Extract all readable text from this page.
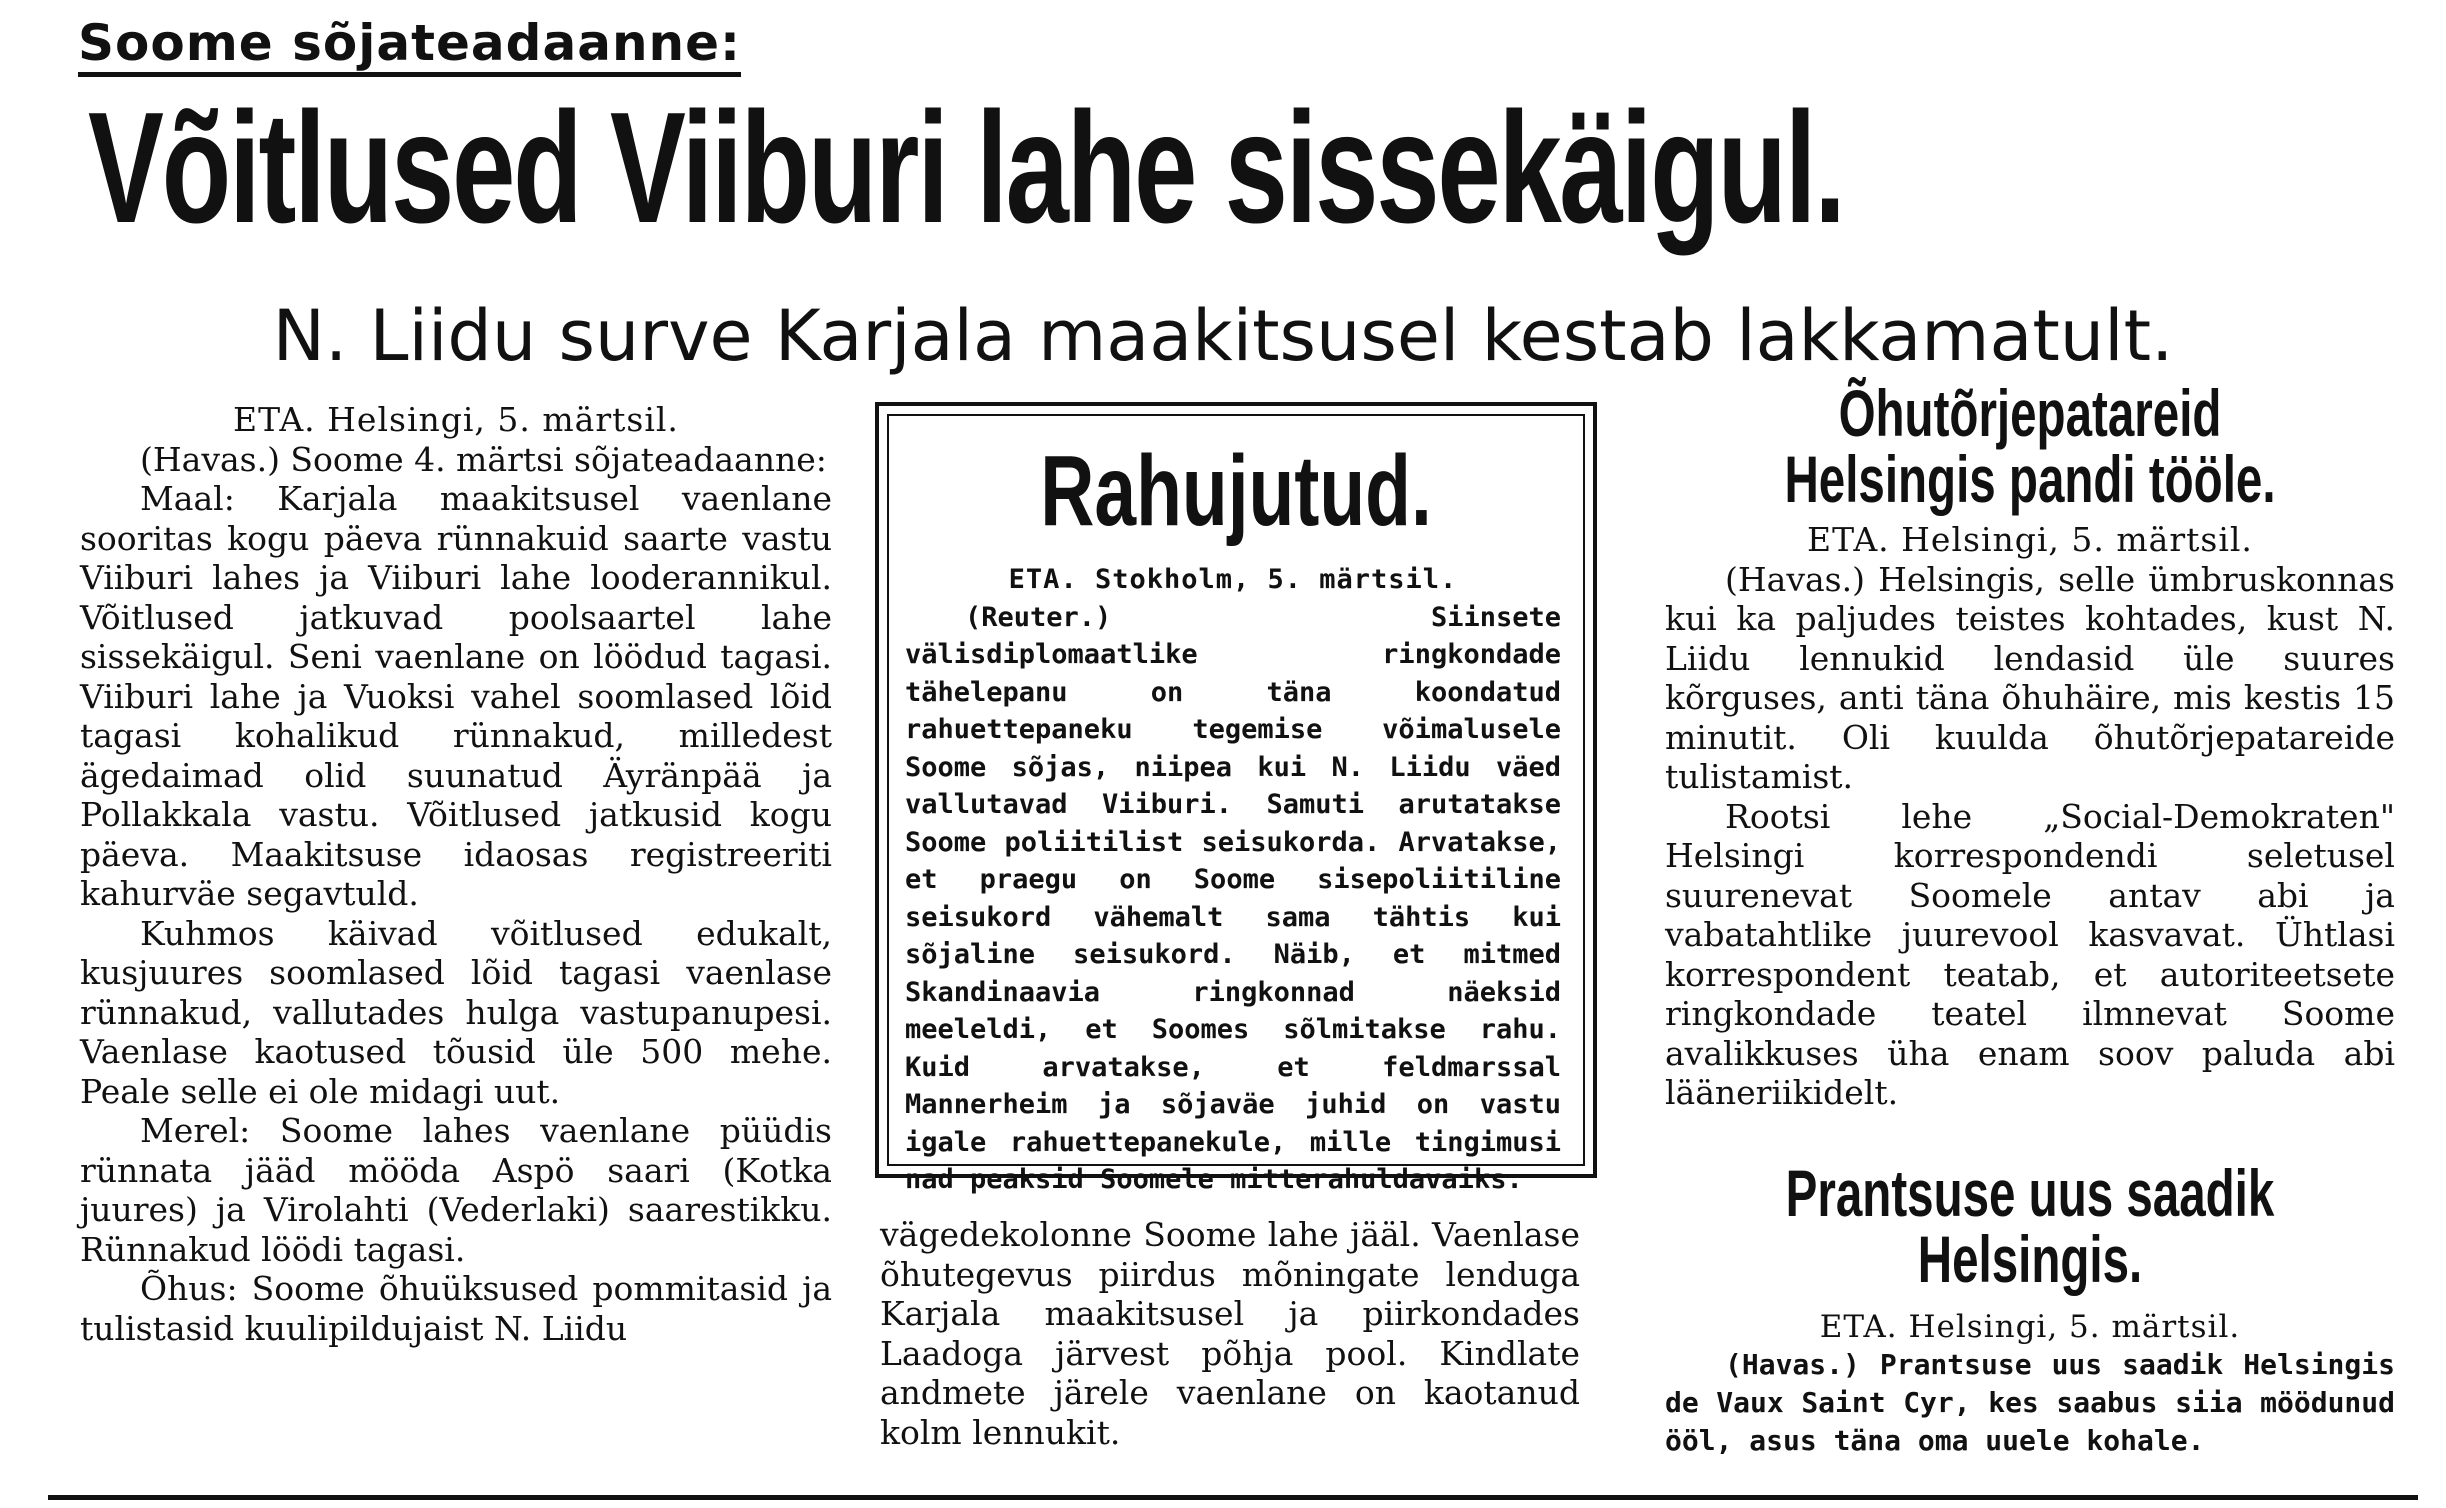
Soome sõjateadaanne:
Võitlused Viiburi lahe sissekäigul.
N. Liidu surve Karjala maakitsusel kestab lakkamatult.

ETA. Helsingi, 5. märtsil.

(Havas.) Soome 4. märtsi sõjateadaanne:

Maal: Karjala maakitsusel vaenlane sooritas kogu päeva rünnakuid saarte vastu Viiburi lahes ja Viiburi lahe looderannikul. Võitlused jatkuvad poolsaartel lahe sissekäigul. Seni vaenlane on löödud tagasi. Viiburi lahe ja Vuoksi vahel soomlased lõid tagasi kohalikud rünnakud, milledest ägedaimad olid suunatud Äyränpää ja Pollakkala vastu. Võitlused jatkusid kogu päeva. Maakitsuse idaosas registreeriti kahurväe segavtuld.

Kuhmos käivad võitlused edukalt, kusjuures soomlased lõid tagasi vaenlase rünnakud, vallutades hulga vastupanupesi. Vaenlase kaotused tõusid üle 500 mehe. Peale selle ei ole midagi uut.

Merel: Soome lahes vaenlane püüdis rünnata jääd mööda Aspö saari (Kotka juures) ja Virolahti (Vederlaki) saarestikku. Rünnakud löödi tagasi.

Õhus: Soome õhuüksused pommitasid ja tulistasid kuulipildujaist N. Liidu

Rahujutud.

ETA. Stokholm, 5. märtsil.

(Reuter.) Siinsete välisdiplomaatlike ringkondade tähelepanu on täna koondatud rahuettepaneku tegemise võimalusele Soome sõjas, niipea kui N. Liidu väed vallutavad Viiburi. Samuti arutatakse Soome poliitilist seisukorda. Arvatakse, et praegu on Soome sisepoliitiline seisukord vähemalt sama tähtis kui sõjaline seisukord. Näib, et mitmed Skandinaavia ringkonnad näeksid meeleldi, et Soomes sõlmitakse rahu. Kuid arvatakse, et feldmarssal Mannerheim ja sõjaväe juhid on vastu igale rahuettepanekule, mille tingimusi nad peaksid Soomele mitterahuldavaiks.

vägedekolonne Soome lahe jääl. Vaenlase õhutegevus piirdus mõningate lenduga Karjala maakitsusel ja piirkondades Laadoga järvest põhja pool. Kindlate andmete järele vaenlane on kaotanud kolm lennukit.

Õhutõrjepatareid Helsingis pandi tööle.

ETA. Helsingi, 5. märtsil.

(Havas.) Helsingis, selle ümbruskonnas kui ka paljudes teistes kohtades, kust N. Liidu lennukid lendasid üle suures kõrguses, anti täna õhuhäire, mis kestis 15 minutit. Oli kuulda õhutõrjepatareide tulistamist.

Rootsi lehe „Social-Demokraten" Helsingi korrespondendi seletusel suurenevat Soomele antav abi ja vabatahtlike juurevool kasvavat. Ühtlasi korrespondent teatab, et autoriteetsete ringkondade teatel ilmnevat Soome avalikkuses üha enam soov paluda abi lääneriikidelt.

Prantsuse uus saadik Helsingis.

ETA. Helsingi, 5. märtsil.

(Havas.) Prantsuse uus saadik Helsingis de Vaux Saint Cyr, kes saabus siia möödunud ööl, asus täna oma uuele kohale.
